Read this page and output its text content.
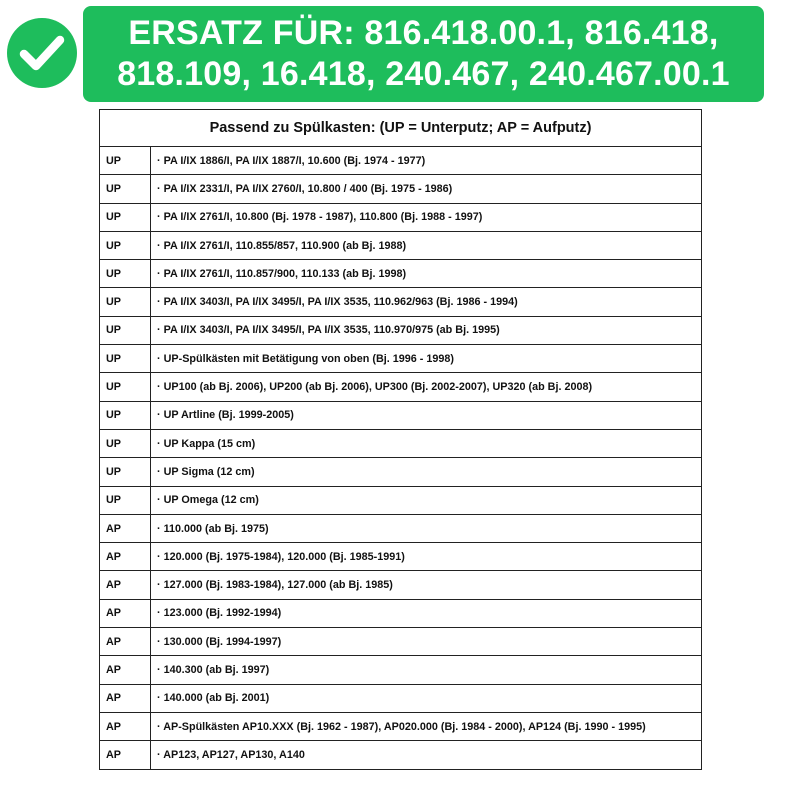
ERSATZ FÜR: 816.418.00.1, 816.418,
818.109, 16.418, 240.467, 240.467.00.1
Passend zu Spülkasten: (UP = Unterputz; AP = Aufputz)	
UP	· PA I/IX 1886/I, PA I/IX 1887/I, 10.600 (Bj. 1974 - 1977)
UP	· PA I/IX 2331/I, PA I/IX 2760/I, 10.800 / 400 (Bj. 1975 - 1986)
UP	· PA I/IX 2761/I, 10.800 (Bj. 1978 - 1987), 110.800 (Bj. 1988 - 1997)
UP	· PA I/IX 2761/I, 110.855/857, 110.900 (ab Bj. 1988)
UP	· PA I/IX 2761/I, 110.857/900, 110.133 (ab Bj. 1998)
UP	· PA I/IX 3403/I, PA I/IX 3495/I, PA I/IX 3535, 110.962/963 (Bj. 1986 - 1994)
UP	· PA I/IX 3403/I, PA I/IX 3495/I, PA I/IX 3535, 110.970/975 (ab Bj. 1995)
UP	· UP-Spülkästen mit Betätigung von oben (Bj. 1996 - 1998)
UP	· UP100 (ab Bj. 2006), UP200 (ab Bj. 2006), UP300 (Bj. 2002-2007), UP320 (ab Bj. 2008)
UP	· UP Artline (Bj. 1999-2005)
UP	· UP Kappa (15 cm)
UP	· UP Sigma (12 cm)
UP	· UP Omega (12 cm)
AP	· 110.000 (ab Bj. 1975)
AP	· 120.000 (Bj. 1975-1984), 120.000 (Bj. 1985-1991)
AP	· 127.000 (Bj. 1983-1984), 127.000 (ab Bj. 1985)
AP	· 123.000 (Bj. 1992-1994)
AP	· 130.000 (Bj. 1994-1997)
AP	· 140.300 (ab Bj. 1997)
AP	· 140.000 (ab Bj. 2001)
AP	· AP-Spülkästen AP10.XXX (Bj. 1962 - 1987), AP020.000 (Bj. 1984 - 2000), AP124 (Bj. 1990 - 1995)
AP	· AP123, AP127, AP130, A140
